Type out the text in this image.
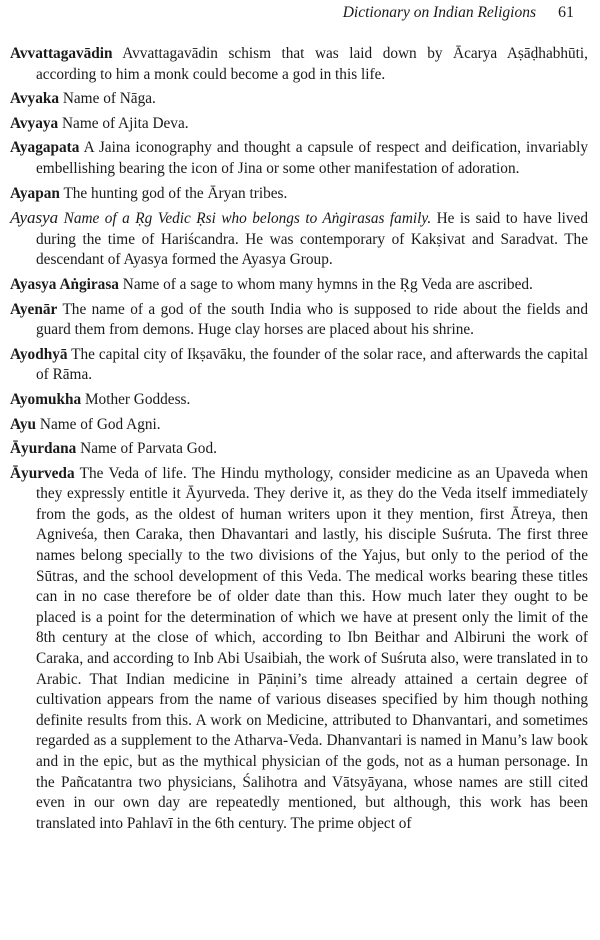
Dictionary on Indian Religions 61

Avvattagavādin Avvattagavādin schism that was laid down by Ācarya Aṣāḍhabhūti, according to him a monk could become a god in this life.

Avyaka Name of Nāga.

Avyaya Name of Ajita Deva.

Ayagapata A Jaina iconography and thought a capsule of respect and deification, invariably embellishing bearing the icon of Jina or some other manifestation of adoration.

Ayapan The hunting god of the Āryan tribes.

Ayasya Name of a Ṛg Vedic Ṛsi who belongs to Aṅgirasas family. He is said to have lived during the time of Hariścandra. He was contemporary of Kakṣivat and Saradvat. The descendant of Ayasya formed the Ayasya Group.

Ayasya Aṅgirasa Name of a sage to whom many hymns in the Ṛg Veda are ascribed.

Ayenār The name of a god of the south India who is supposed to ride about the fields and guard them from demons. Huge clay horses are placed about his shrine.

Ayodhyā The capital city of Ikṣavāku, the founder of the solar race, and afterwards the capital of Rāma.

Ayomukha Mother Goddess.

Ayu Name of God Agni.

Āyurdana Name of Parvata God.

Āyurveda The Veda of life. The Hindu mythology, consider medicine as an Upaveda when they expressly entitle it Āyurveda. They derive it, as they do the Veda itself immediately from the gods, as the oldest of human writers upon it they mention, first Ātreya, then Agniveśa, then Caraka, then Dhavantari and lastly, his disciple Suśruta. The first three names belong specially to the two divisions of the Yajus, but only to the period of the Sūtras, and the school development of this Veda. The medical works bearing these titles can in no case therefore be of older date than this. How much later they ought to be placed is a point for the determination of which we have at present only the limit of the 8th century at the close of which, according to Ibn Beithar and Albiruni the work of Caraka, and according to Inb Abi Usaibiah, the work of Suśruta also, were translated in to Arabic. That Indian medicine in Pāṇini’s time already attained a certain degree of cultivation appears from the name of various diseases specified by him though nothing definite results from this. A work on Medicine, attributed to Dhanvantari, and sometimes regarded as a supplement to the Atharva-Veda. Dhanvantari is named in Manu’s law book and in the epic, but as the mythical physician of the gods, not as a human personage. In the Pañcatantra two physicians, Śalihotra and Vātsyāyana, whose names are still cited even in our own day are repeatedly mentioned, but although, this work has been translated into Pahlavī in the 6th century. The prime object of
